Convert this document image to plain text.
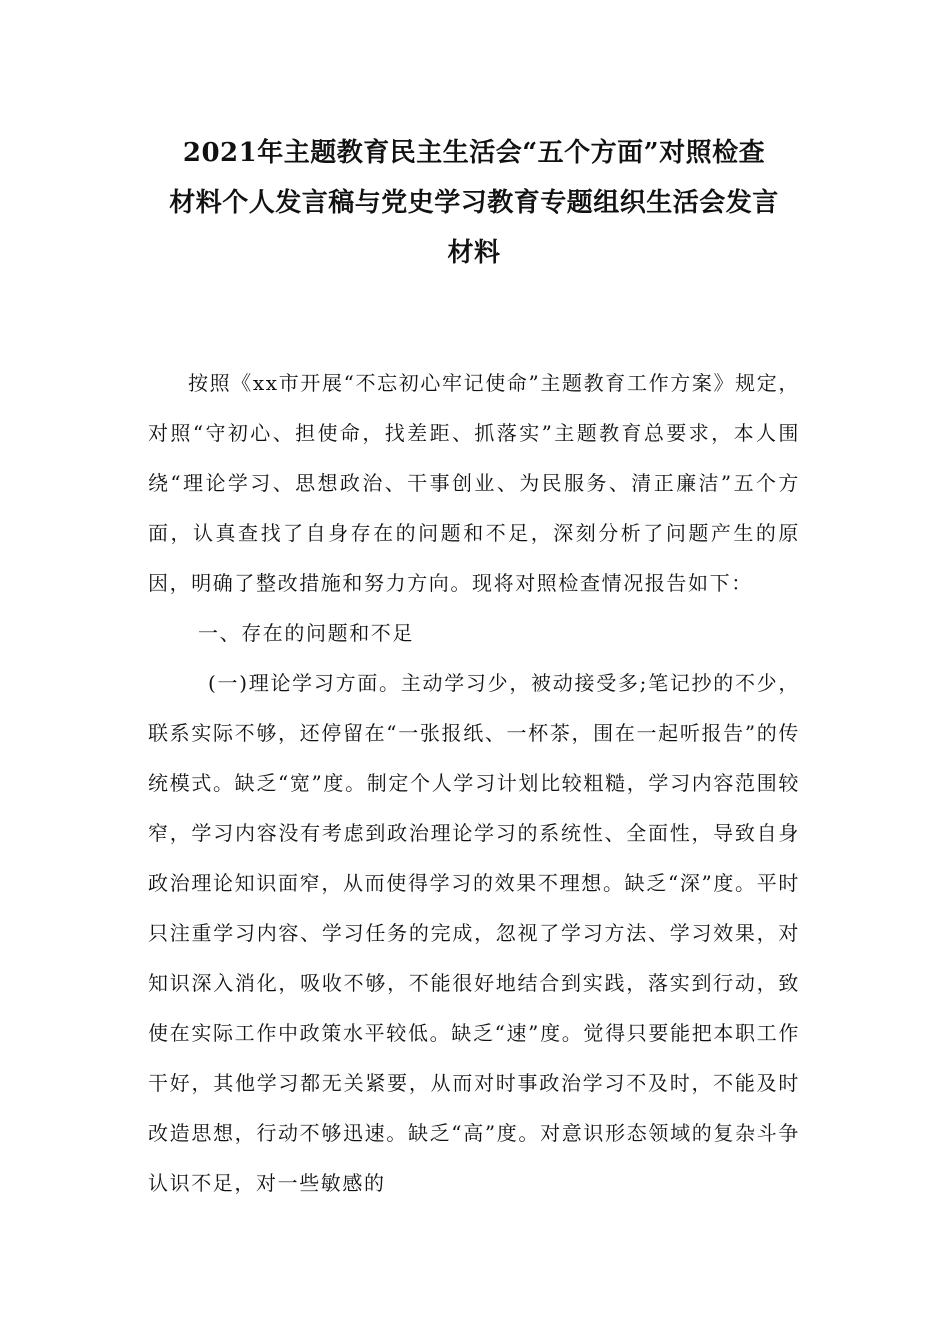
2021年主题教育民主生活会“五个方面”对照检查
材料个人发言稿与党史学习教育专题组织生活会发言
材料

按照《xx市开展“不忘初心牢记使命”主题教育工作方案》规定，对照“守初心、担使命，找差距、抓落实”主题教育总要求，本人围绕“理论学习、思想政治、干事创业、为民服务、清正廉洁”五个方面，认真查找了自身存在的问题和不足，深刻分析了问题产生的原因，明确了整改措施和努力方向。现将对照检查情况报告如下：

一、存在的问题和不足

(一)理论学习方面。主动学习少，被动接受多;笔记抄的不少，联系实际不够，还停留在“一张报纸、一杯茶，围在一起听报告”的传统模式。缺乏“宽”度。制定个人学习计划比较粗糙，学习内容范围较窄，学习内容没有考虑到政治理论学习的系统性、全面性，导致自身政治理论知识面窄，从而使得学习的效果不理想。缺乏“深”度。平时只注重学习内容、学习任务的完成，忽视了学习方法、学习效果，对知识深入消化，吸收不够，不能很好地结合到实践，落实到行动，致使在实际工作中政策水平较低。缺乏“速”度。觉得只要能把本职工作干好，其他学习都无关紧要，从而对时事政治学习不及时，不能及时改造思想，行动不够迅速。缺乏“高”度。对意识形态领域的复杂斗争认识不足，对一些敏感的
